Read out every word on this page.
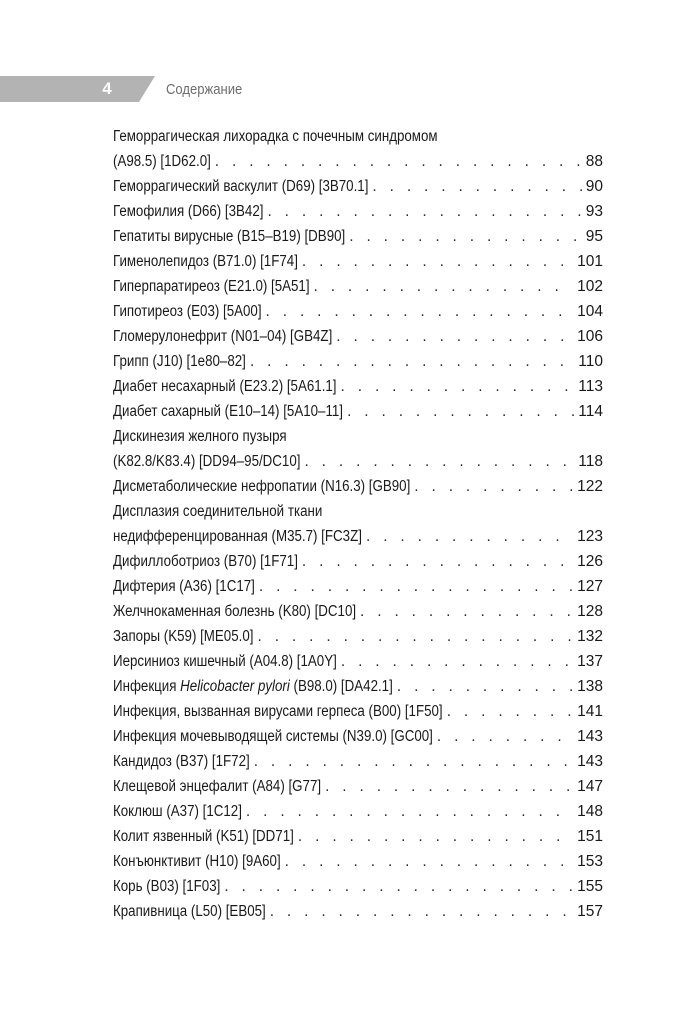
4	Содержание
Геморрагическая лихорадка с почечным синдромом
(A98.5) [1D62.0] . . .	88
Геморрагический васкулит (D69) [3B70.1] . . .	90
Гемофилия (D66) [3B42] . . .	93
Гепатиты вирусные (B15–B19) [DB90] . . .	95
Гименолепидоз (B71.0) [1F74] . . .	101
Гиперпаратиреоз (E21.0) [5A51] . . .	102
Гипотиреоз (E03) [5A00] . . .	104
Гломерулонефрит (N01–04) [GB4Z] . . .	106
Грипп (J10) [1e80–82] . . .	110
Диабет несахарный (E23.2) [5A61.1] . . .	113
Диабет сахарный (E10–14) [5A10–11] . . .	114
Дискинезия желного пузыря
(K82.8/K83.4) [DD94–95/DC10] . . .	118
Дисметаболические нефропатии (N16.3) [GB90] . . .	122
Дисплазия соединительной ткани
недифференцированная (M35.7) [FC3Z] . . .	123
Дифиллоботриоз (B70) [1F71] . . .	126
Дифтерия (A36) [1C17] . . .	127
Желчнокаменная болезнь (K80) [DC10] . . .	128
Запоры (K59) [ME05.0] . . .	132
Иерсиниоз кишечный (A04.8) [1A0Y] . . .	137
Инфекция Helicobacter pylori (B98.0) [DA42.1] . . .	138
Инфекция, вызванная вирусами герпеса (B00) [1F50] . . .	141
Инфекция мочевыводящей системы (N39.0) [GC00] . . .	143
Кандидоз (B37) [1F72] . . .	143
Клещевой энцефалит (A84) [G77] . . .	147
Коклюш (A37) [1C12] . . .	148
Колит язвенный (K51) [DD71] . . .	151
Конъюнктивит (H10) [9A60] . . .	153
Корь (B03) [1F03] . . .	155
Крапивница (L50) [EB05] . . .	157
